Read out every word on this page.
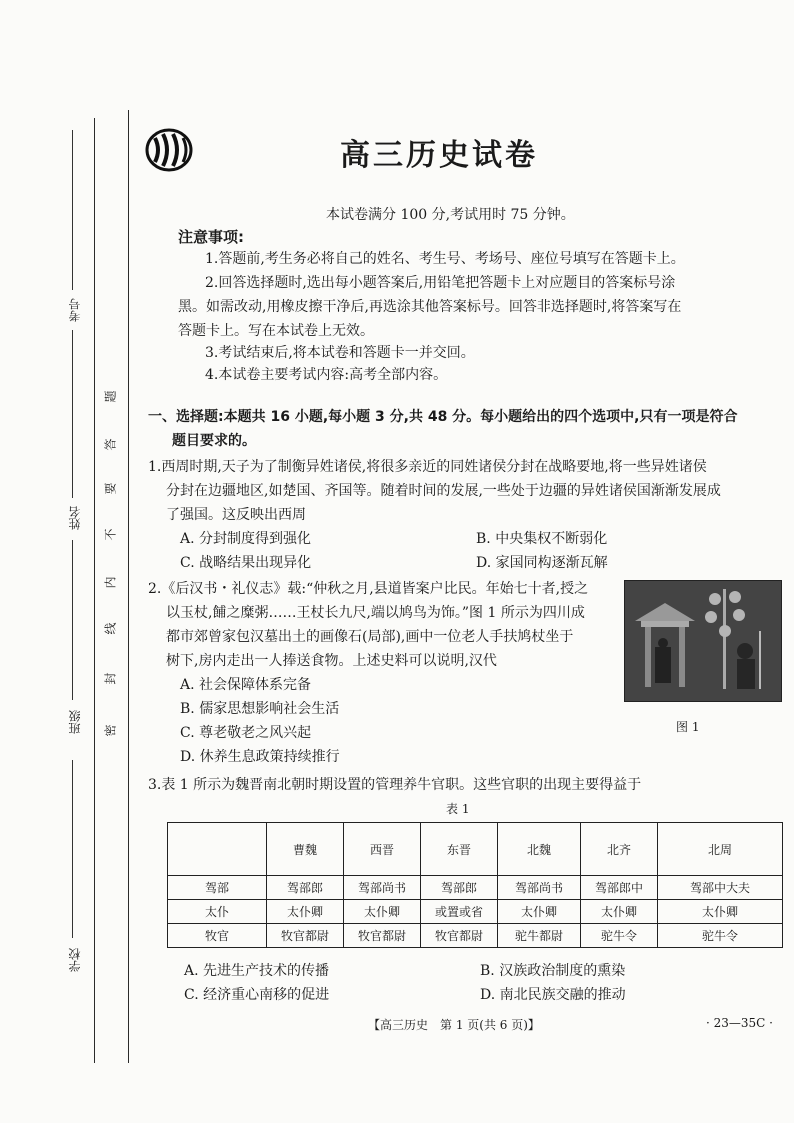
考号
姓名
班级
学校
密
封
线
内
不
要
答
题
高三历史试卷
本试卷满分 100 分,考试用时 75 分钟。
注意事项:
1.答题前,考生务必将自己的姓名、考生号、考场号、座位号填写在答题卡上。
2.回答选择题时,选出每小题答案后,用铅笔把答题卡上对应题目的答案标号涂
黑。如需改动,用橡皮擦干净后,再选涂其他答案标号。回答非选择题时,将答案写在
答题卡上。写在本试卷上无效。
3.考试结束后,将本试卷和答题卡一并交回。
4.本试卷主要考试内容:高考全部内容。
一、选择题:本题共 16 小题,每小题 3 分,共 48 分。每小题给出的四个选项中,只有一项是符合
题目要求的。
1.西周时期,天子为了制衡异姓诸侯,将很多亲近的同姓诸侯分封在战略要地,将一些异姓诸侯
分封在边疆地区,如楚国、齐国等。随着时间的发展,一些处于边疆的异姓诸侯国渐渐发展成
了强国。这反映出西周
A. 分封制度得到强化	B. 中央集权不断弱化
C. 战略结果出现异化	D. 家国同构逐渐瓦解
2.《后汉书・礼仪志》载:“仲秋之月,县道皆案户比民。年始七十者,授之
以玉杖,餔之糜粥……王杖长九尺,端以鸠鸟为饰。”图 1 所示为四川成
都市郊曾家包汉墓出土的画像石(局部),画中一位老人手扶鸠杖坐于
树下,房内走出一人捧送食物。上述史料可以说明,汉代
A. 社会保障体系完备
B. 儒家思想影响社会生活
C. 尊老敬老之风兴起
D. 休养生息政策持续推行
图 1
3.表 1 所示为魏晋南北朝时期设置的管理养牛官职。这些官职的出现主要得益于
表 1
	曹魏	西晋	东晋	北魏	北齐	北周
驾部	驾部郎	驾部尚书	驾部郎	驾部尚书	驾部郎中	驾部中大夫
太仆	太仆卿	太仆卿	或置或省	太仆卿	太仆卿	太仆卿
牧官	牧官都尉	牧官都尉	牧官都尉	驼牛都尉	驼牛令	驼牛令
A. 先进生产技术的传播	B. 汉族政治制度的熏染
C. 经济重心南移的促进	D. 南北民族交融的推动
【高三历史　第 1 页(共 6 页)】	· 23—35C ·
